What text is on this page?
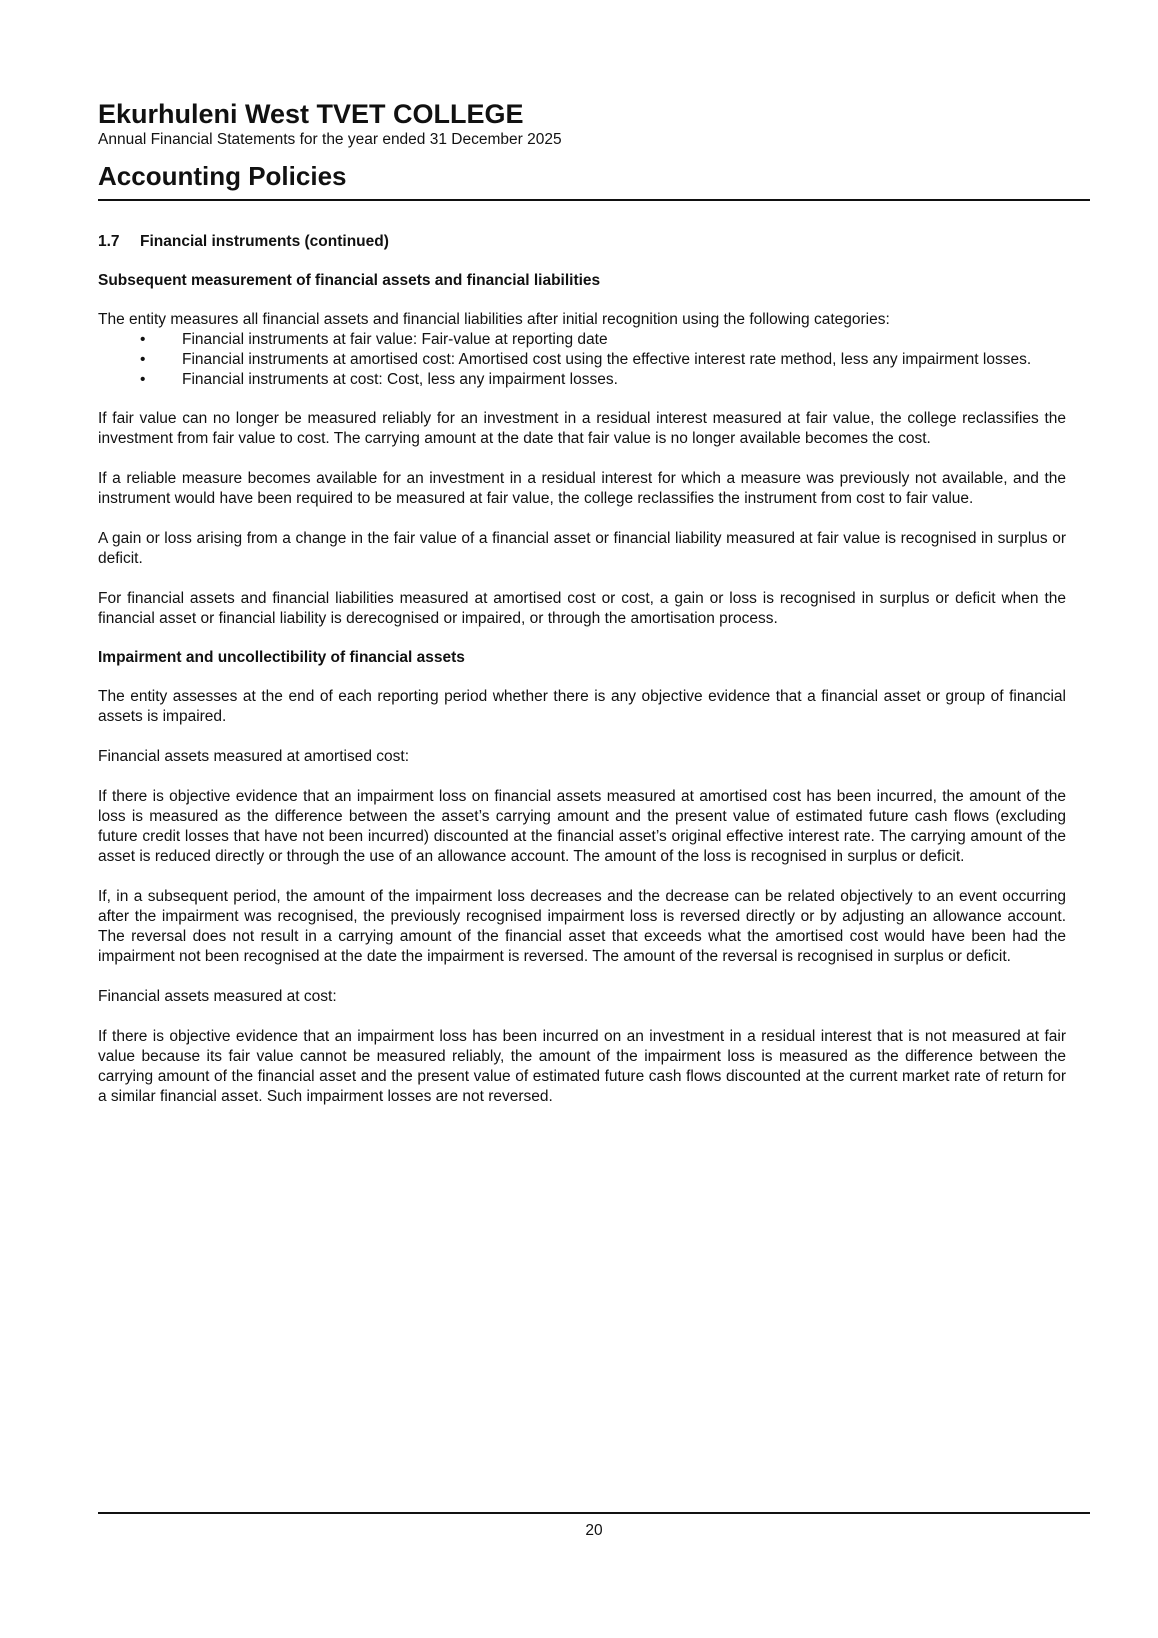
Ekurhuleni West TVET COLLEGE
Annual Financial Statements for the year ended 31 December 2025
Accounting Policies
1.7 Financial instruments (continued)

Subsequent measurement of financial assets and financial liabilities

The entity measures all financial assets and financial liabilities after initial recognition using the following categories:

• Financial instruments at fair value: Fair-value at reporting date
• Financial instruments at amortised cost: Amortised cost using the effective interest rate method, less any impairment losses.
• Financial instruments at cost: Cost, less any impairment losses.

If fair value can no longer be measured reliably for an investment in a residual interest measured at fair value, the college reclassifies the investment from fair value to cost. The carrying amount at the date that fair value is no longer available becomes the cost.

If a reliable measure becomes available for an investment in a residual interest for which a measure was previously not available, and the instrument would have been required to be measured at fair value, the college reclassifies the instrument from cost to fair value.

A gain or loss arising from a change in the fair value of a financial asset or financial liability measured at fair value is recognised in surplus or deficit.

For financial assets and financial liabilities measured at amortised cost or cost, a gain or loss is recognised in surplus or deficit when the financial asset or financial liability is derecognised or impaired, or through the amortisation process.

Impairment and uncollectibility of financial assets

The entity assesses at the end of each reporting period whether there is any objective evidence that a financial asset or group of financial assets is impaired.

Financial assets measured at amortised cost:

If there is objective evidence that an impairment loss on financial assets measured at amortised cost has been incurred, the amount of the loss is measured as the difference between the asset’s carrying amount and the present value of estimated future cash flows (excluding future credit losses that have not been incurred) discounted at the financial asset’s original effective interest rate. The carrying amount of the asset is reduced directly or through the use of an allowance account. The amount of the loss is recognised in surplus or deficit.

If, in a subsequent period, the amount of the impairment loss decreases and the decrease can be related objectively to an event occurring after the impairment was recognised, the previously recognised impairment loss is reversed directly or by adjusting an allowance account. The reversal does not result in a carrying amount of the financial asset that exceeds what the amortised cost would have been had the impairment not been recognised at the date the impairment is reversed. The amount of the reversal is recognised in surplus or deficit.

Financial assets measured at cost:

If there is objective evidence that an impairment loss has been incurred on an investment in a residual interest that is not measured at fair value because its fair value cannot be measured reliably, the amount of the impairment loss is measured as the difference between the carrying amount of the financial asset and the present value of estimated future cash flows discounted at the current market rate of return for a similar financial asset. Such impairment losses are not reversed.

20
